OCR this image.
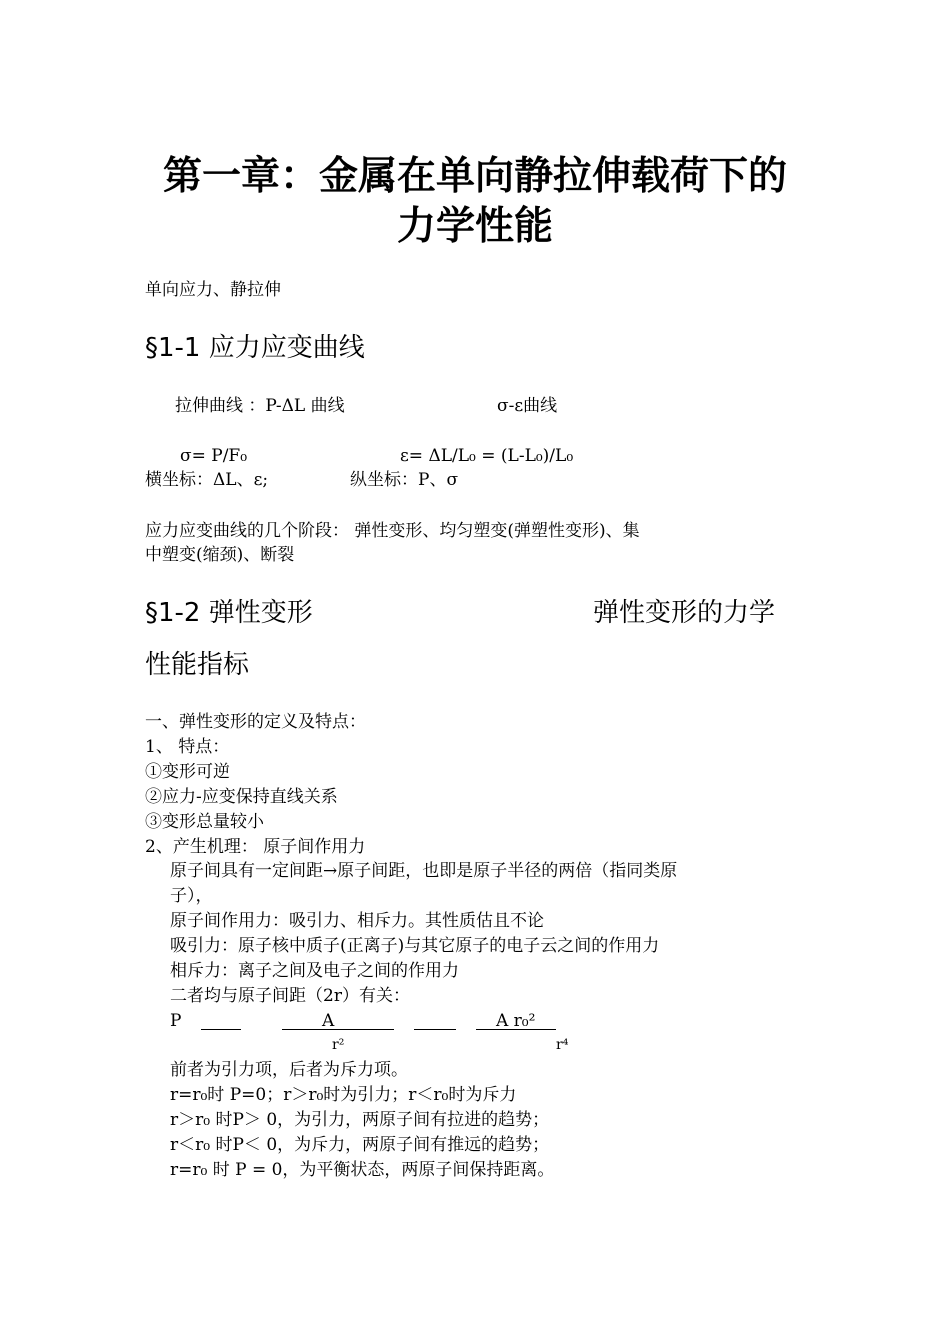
第一章：金属在单向静拉伸载荷下的
力学性能
单向应力、静拉伸
§1-1 应力应变曲线
拉伸曲线 ：P-ΔL 曲线	σ-ε曲线
σ= P/F₀	ε= ΔL/L₀ = (L-L₀)/L₀
横坐标：ΔL、ε;	纵坐标：P、σ
应力应变曲线的几个阶段： 弹性变形、均匀塑变(弹塑性变形)、集
中塑变(缩颈)、断裂
§1-2 弹性变形	弹性变形的力学
性能指标
一、弹性变形的定义及特点：
1、 特点：
①变形可逆
②应力-应变保持直线关系
③变形总量较小
2、产生机理： 原子间作用力
原子间具有一定间距→原子间距，也即是原子半径的两倍（指同类原
子），
原子间作用力：吸引力、相斥力。其性质估且不论
吸引力：原子核中质子(正离子)与其它原子的电子云之间的作用力
相斥力：离子之间及电子之间的作用力
二者均与原子间距（2r）有关：
P	A	A r₀²
r²	r⁴
前者为引力项，后者为斥力项。
r=r₀时 P=0；r＞r₀时为引力；r＜r₀时为斥力
r＞r₀ 时P＞ 0，为引力，两原子间有拉进的趋势；
r＜r₀ 时P＜ 0，为斥力，两原子间有推远的趋势；
r=r₀ 时 P = 0，为平衡状态，两原子间保持距离。
